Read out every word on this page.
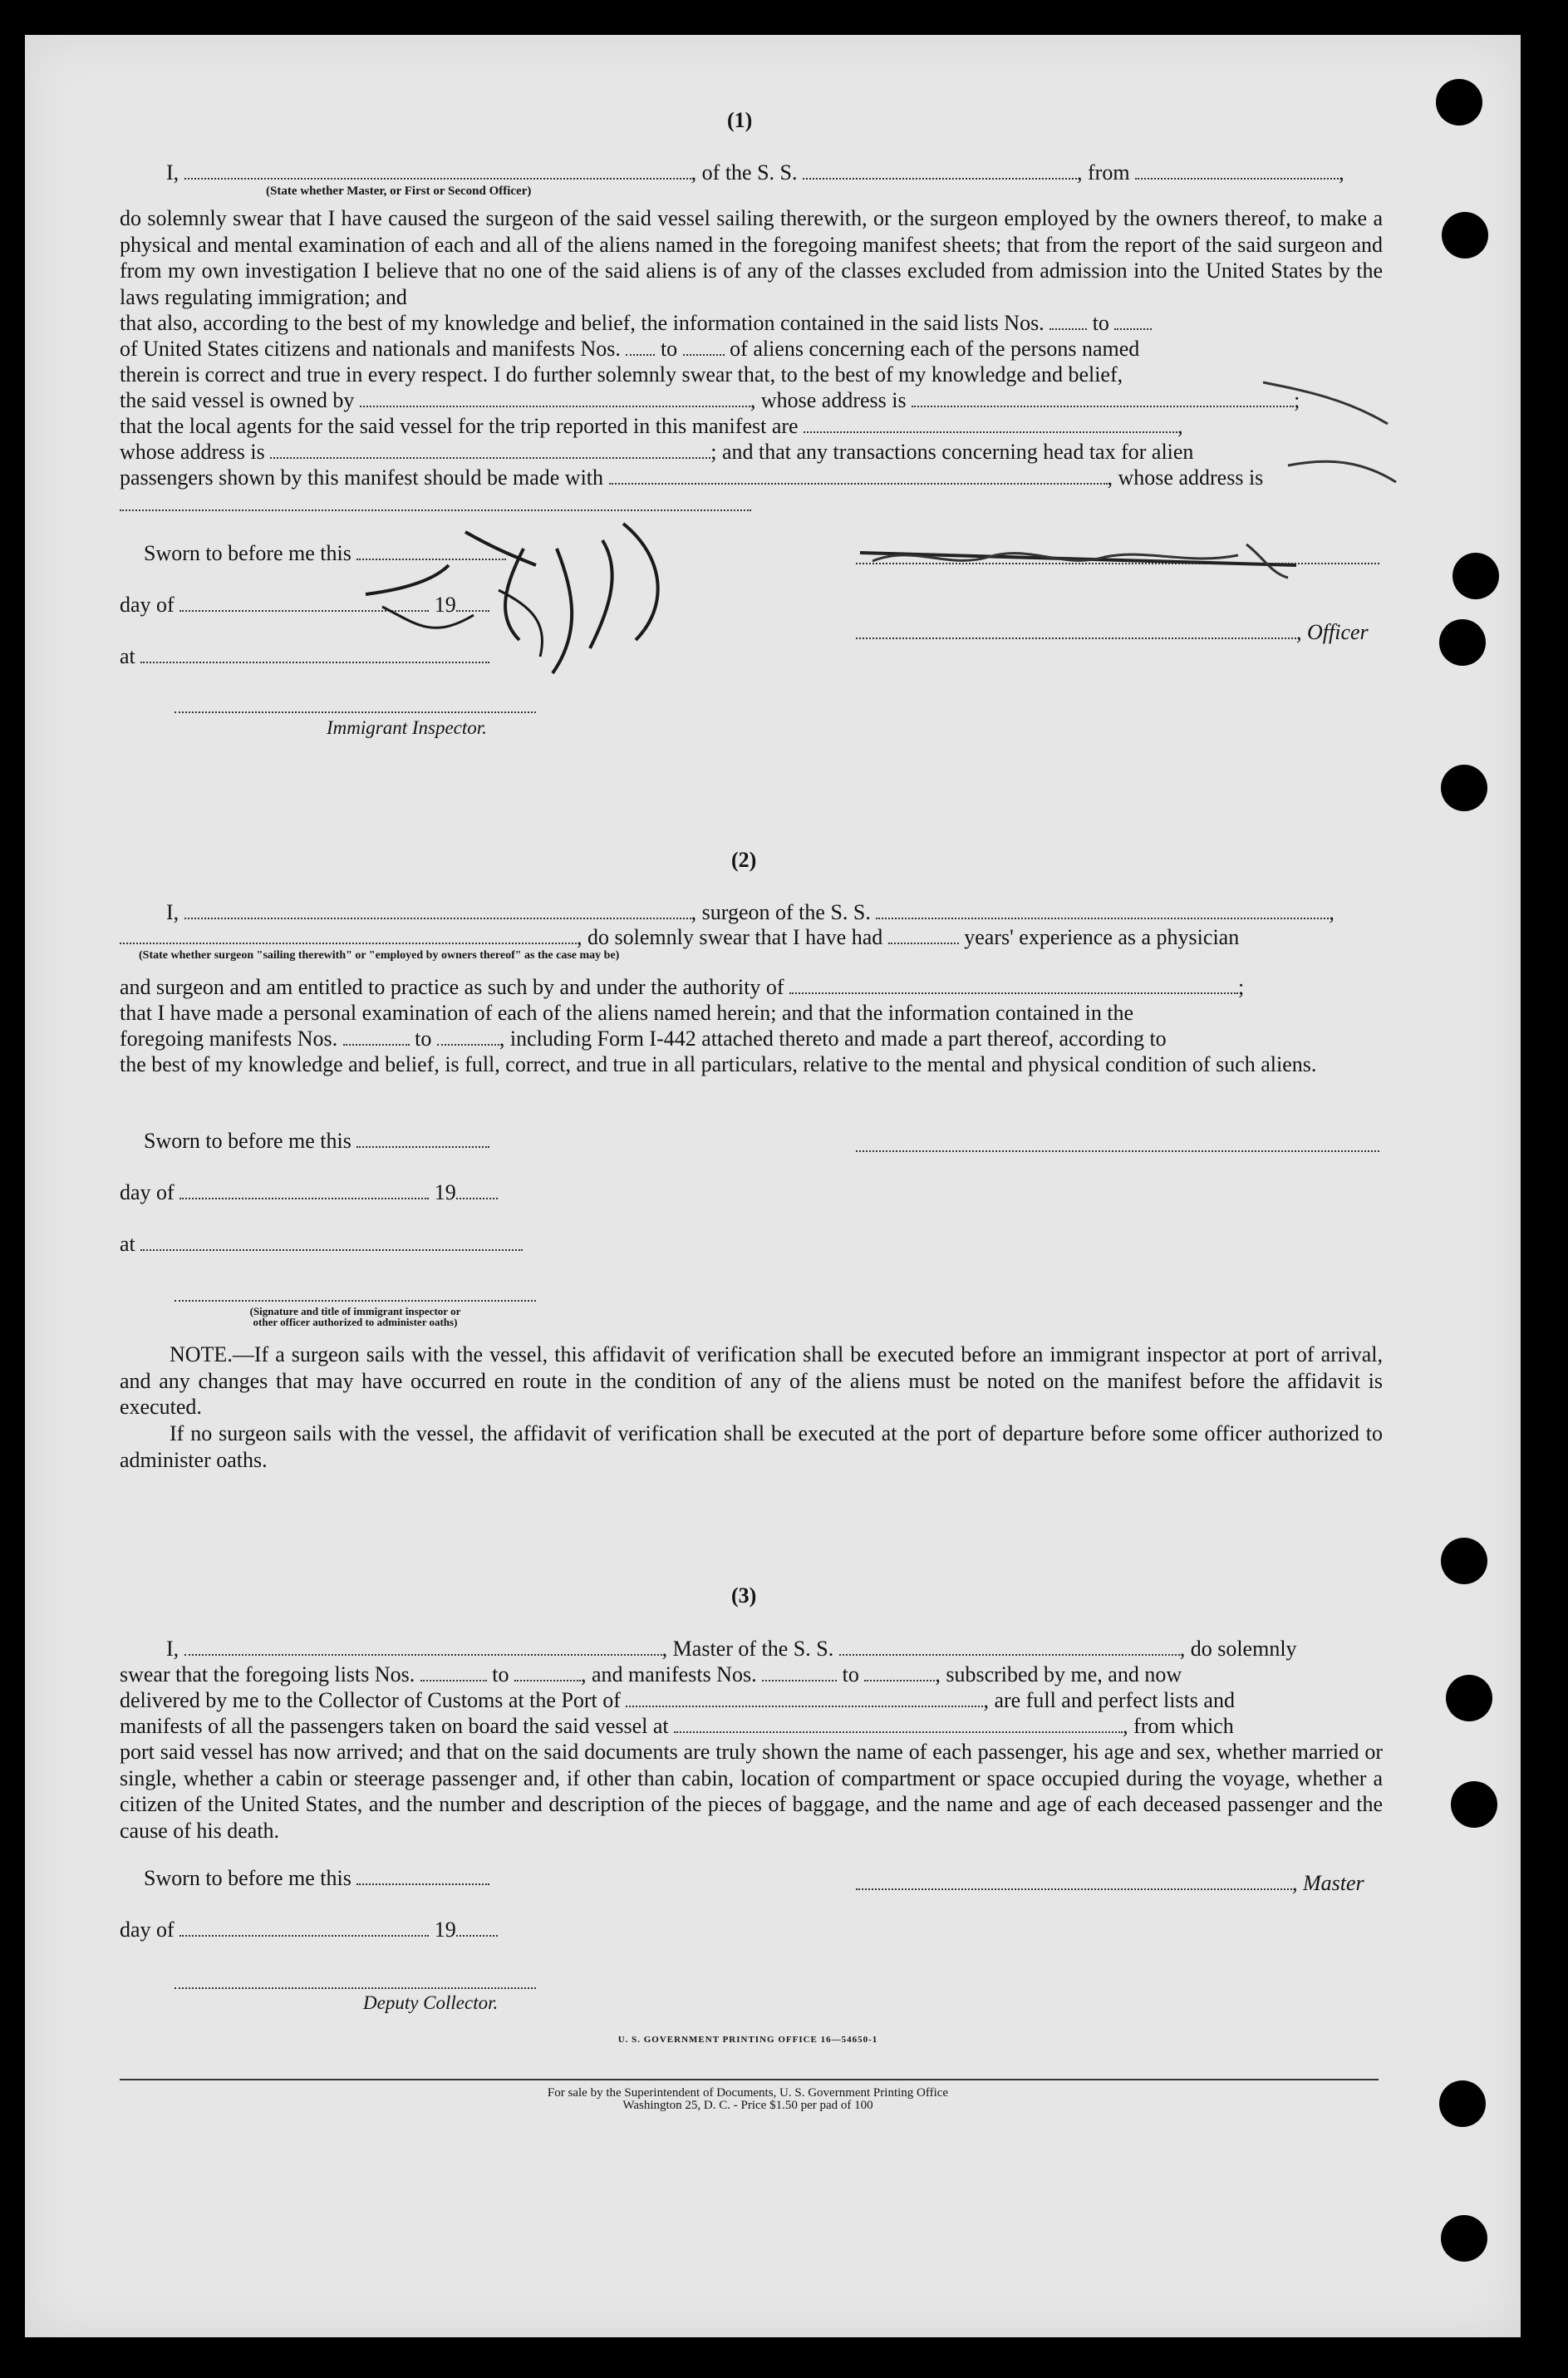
(1)
I,	, of the S. S.	, from	,
(State whether Master, or First or Second Officer)
do solemnly swear that I have caused the surgeon of the said vessel sailing therewith, or the surgeon employed by the owners thereof, to make a physical and mental examination of each and all of the aliens named in the foregoing manifest sheets; that from the report of the said surgeon and from my own investigation I believe that no one of the said aliens is of any of the classes excluded from admission into the United States by the laws regulating immigration; and
that also, according to the best of my knowledge and belief, the information contained in the said lists Nos. to
of United States citizens and nationals and manifests Nos. to of aliens concerning each of the persons named
therein is correct and true in every respect. I do further solemnly swear that, to the best of my knowledge and belief,
the said vessel is owned by	, whose address is	;
that the local agents for the said vessel for the trip reported in this manifest are	,
whose address is	; and that any transactions concerning head tax for alien
passengers shown by this manifest should be made with	, whose address is
Sworn to before me this
day of	19
at
Immigrant Inspector.
, Officer
(2)
I,	, surgeon of the S. S.	,
, do solemnly swear that I have had	years' experience as a physician
(State whether surgeon "sailing therewith" or "employed by owners thereof" as the case may be)
and surgeon and am entitled to practice as such by and under the authority of	;
that I have made a personal examination of each of the aliens named herein; and that the information contained in the
foregoing manifests Nos.	to	, including Form I-442 attached thereto and made a part thereof, according to
the best of my knowledge and belief, is full, correct, and true in all particulars, relative to the mental and physical condition of such aliens.
Sworn to before me this
day of	19
at
(Signature and title of immigrant inspector or
other officer authorized to administer oaths)
NOTE.—If a surgeon sails with the vessel, this affidavit of verification shall be executed before an immigrant inspector at port of arrival, and any changes that may have occurred en route in the condition of any of the aliens must be noted on the manifest before the affidavit is executed.
If no surgeon sails with the vessel, the affidavit of verification shall be executed at the port of departure before some officer authorized to administer oaths.
(3)
I,	, Master of the S. S.	, do solemnly
swear that the foregoing lists Nos.	to	, and manifests Nos.	to	, subscribed by me, and now
delivered by me to the Collector of Customs at the Port of	, are full and perfect lists and
manifests of all the passengers taken on board the said vessel at	, from which
port said vessel has now arrived; and that on the said documents are truly shown the name of each passenger, his age and sex, whether married or single, whether a cabin or steerage passenger and, if other than cabin, location of compartment or space occupied during the voyage, whether a citizen of the United States, and the number and description of the pieces of baggage, and the name and age of each deceased passenger and the cause of his death.
Sworn to before me this	, Master
day of	19
Deputy Collector.
U. S. GOVERNMENT PRINTING OFFICE 16—54650-1
For sale by the Superintendent of Documents, U. S. Government Printing Office
Washington 25, D. C. - Price $1.50 per pad of 100
